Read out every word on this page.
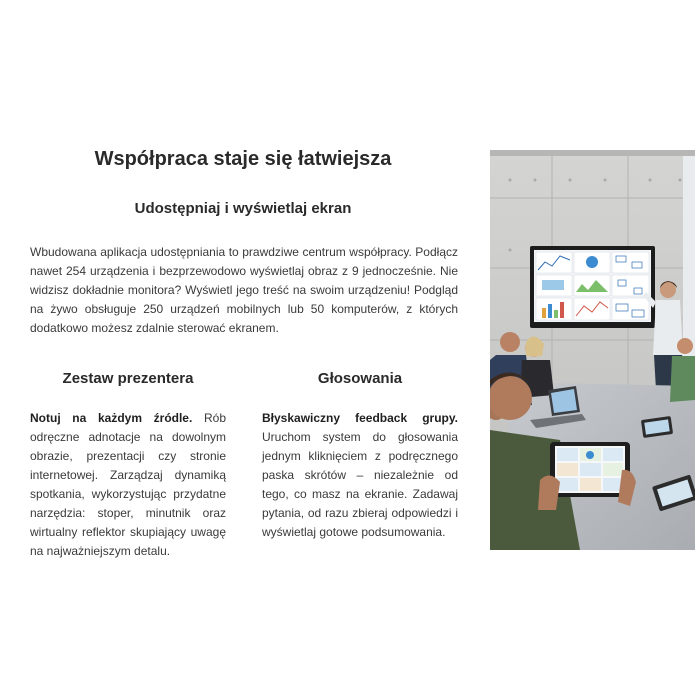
Współpraca staje się łatwiejsza
Udostępniaj i wyświetlaj ekran

Wbudowana aplikacja udostępniania to prawdziwe centrum współpracy. Podłącz nawet 254 urządzenia i bezprzewodowo wyświetlaj obraz z 9 jednocześnie. Nie widzisz dokładnie monitora? Wyświetl jego treść na swoim urządzeniu! Podgląd na żywo obsługuje 250 urządzeń mobilnych lub 50 komputerów, z których dodatkowo możesz zdalnie sterować ekranem.

Zestaw prezentera

Notuj na każdym źródle. Rób odręczne adnotacje na dowolnym obrazie, prezentacji czy stronie internetowej. Zarządzaj dynamiką spotkania, wykorzystując przydatne narzędzia: stoper, minutnik oraz wirtualny reflektor skupiający uwagę na najważniejszym detalu.

Głosowania

Błyskawiczny feedback grupy. Uruchom system do głosowania jednym kliknięciem z podręcznego paska skrótów – niezależnie od tego, co masz na ekranie. Zadawaj pytania, od razu zbieraj odpowiedzi i wyświetlaj gotowe podsumowania.
